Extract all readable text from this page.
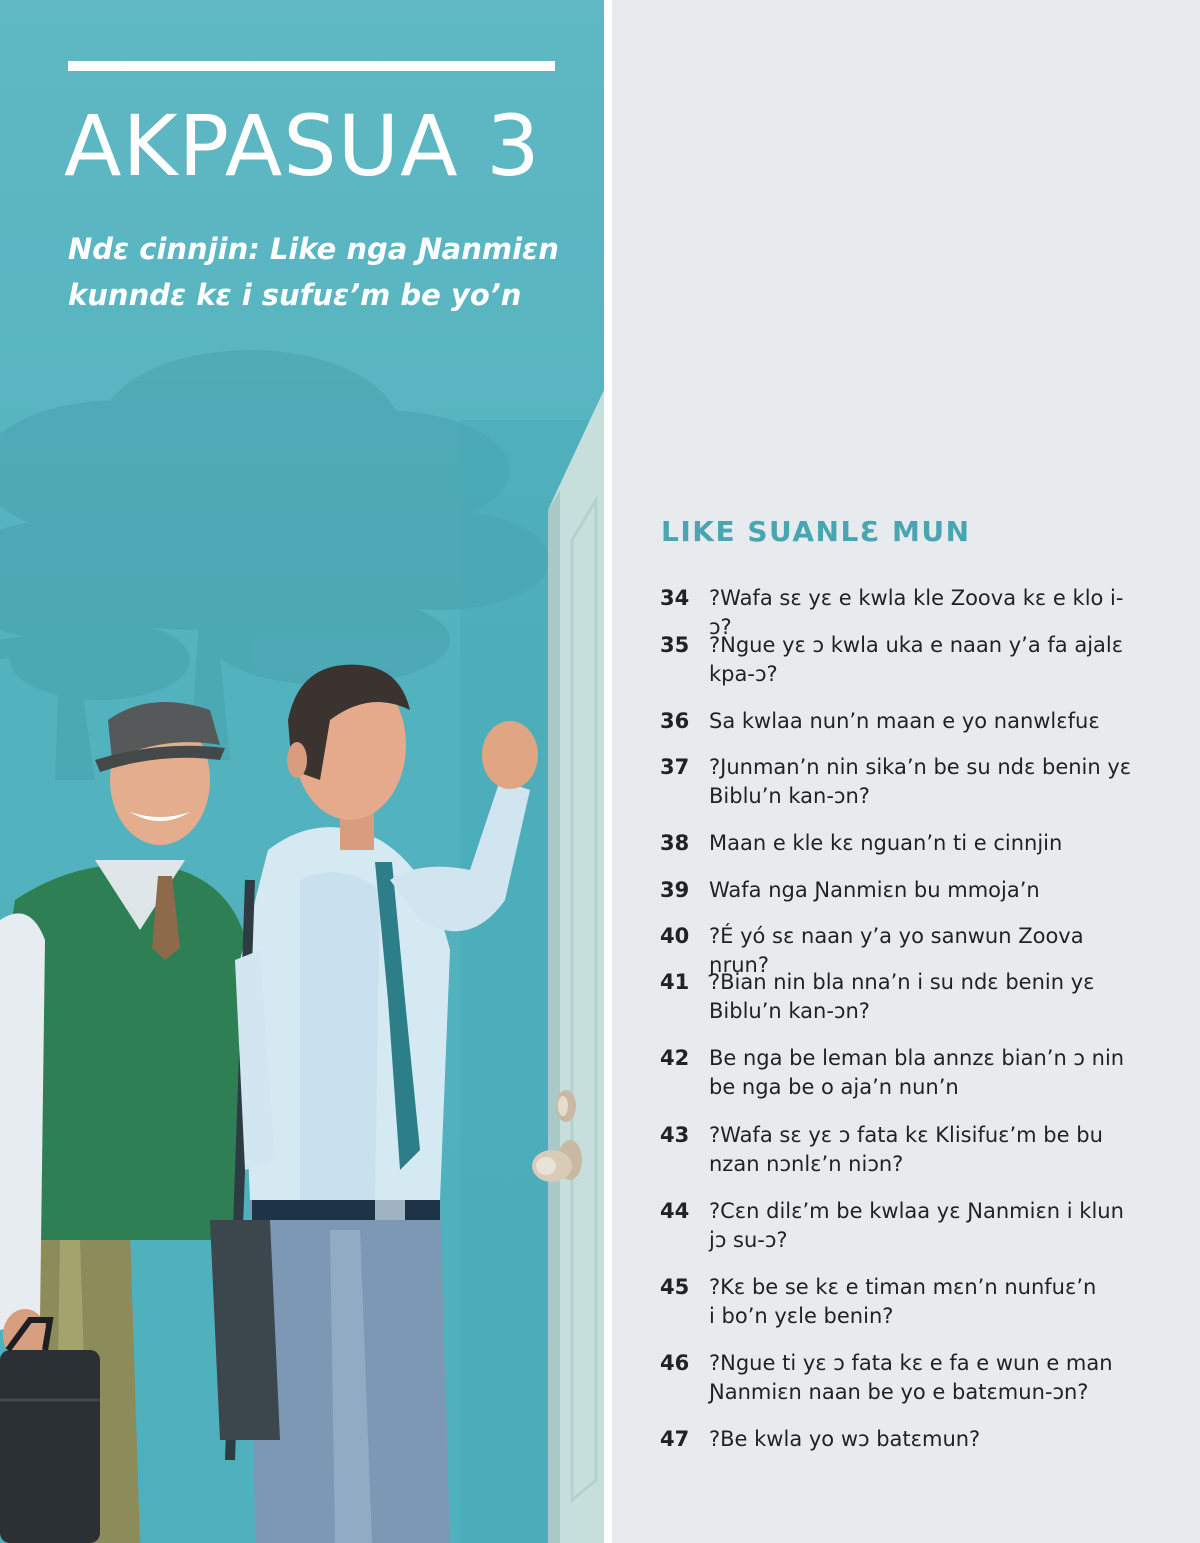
AKPASUA 3
Ndɛ cinnjin: Like nga Ɲanmiɛn
kunndɛ kɛ i sufuɛ’m be yo’n
LIKE SUANLƐ MUN
34 ?Wafa sɛ yɛ e kwla kle Zoova kɛ e klo i-ɔ?
35 ?Ngue yɛ ɔ kwla uka e naan y’a fa ajalɛ
kpa-ɔ?
36 Sa kwlaa nun’n maan e yo nanwlɛfuɛ
37 ?Junman’n nin sika’n be su ndɛ benin yɛ
Biblu’n kan-ɔn?
38 Maan e kle kɛ nguan’n ti e cinnjin
39 Wafa nga Ɲanmiɛn bu mmoja’n
40 ?É yó sɛ naan y’a yo sanwun Zoova ɲrun?
41 ?Bian nin bla nna’n i su ndɛ benin yɛ
Biblu’n kan-ɔn?
42 Be nga be leman bla annzɛ bian’n ɔ nin
be nga be o aja’n nun’n
43 ?Wafa sɛ yɛ ɔ fata kɛ Klisifuɛ’m be bu
nzan nɔnlɛ’n niɔn?
44 ?Cɛn dilɛ’m be kwlaa yɛ Ɲanmiɛn i klun
jɔ su-ɔ?
45 ?Kɛ be se kɛ e timan mɛn’n nunfuɛ’n
i bo’n yɛle benin?
46 ?Ngue ti yɛ ɔ fata kɛ e fa e wun e man
Ɲanmiɛn naan be yo e batɛmun-ɔn?
47 ?Be kwla yo wɔ batɛmun?
